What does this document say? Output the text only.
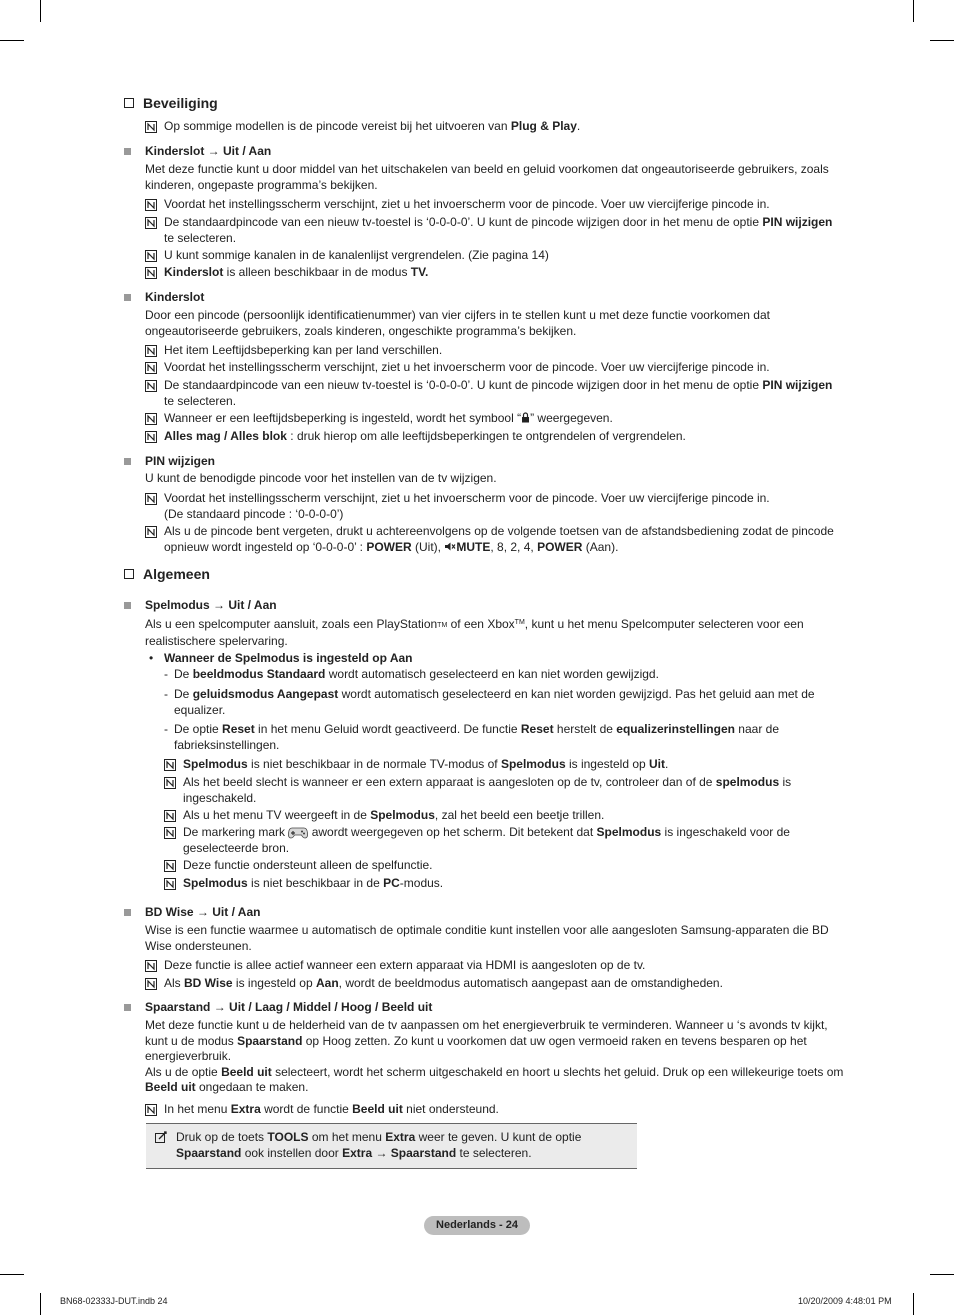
Beveiliging
Op sommige modellen is de pincode vereist bij het uitvoeren van Plug & Play.
Kinderslot → Uit / Aan
Met deze functie kunt u door middel van het uitschakelen van beeld en geluid voorkomen dat ongeautoriseerde gebruikers, zoals kinderen, ongepaste programma’s bekijken.
Voordat het instellingsscherm verschijnt, ziet u het invoerscherm voor de pincode. Voer uw viercijferige pincode in.
De standaardpincode van een nieuw tv-toestel is ‘0-0-0-0’. U kunt de pincode wijzigen door in het menu de optie PIN wijzigen
te selecteren.
U kunt sommige kanalen in de kanalenlijst vergrendelen. (Zie pagina 14)
Kinderslot is alleen beschikbaar in de modus TV.
Kinderslot
Door een pincode (persoonlijk identificatienummer) van vier cijfers in te stellen kunt u met deze functie voorkomen dat ongeautoriseerde gebruikers, zoals kinderen, ongeschikte programma’s bekijken.
Het item Leeftijdsbeperking kan per land verschillen.
Voordat het instellingsscherm verschijnt, ziet u het invoerscherm voor de pincode. Voer uw viercijferige pincode in.
De standaardpincode van een nieuw tv-toestel is ‘0-0-0-0’. U kunt de pincode wijzigen door in het menu de optie PIN wijzigen
te selecteren.
Wanneer er een leeftijdsbeperking is ingesteld, wordt het symbool “ ” weergegeven.
Alles mag / Alles blok : druk hierop om alle leeftijdsbeperkingen te ontgrendelen of vergrendelen.
PIN wijzigen
U kunt de benodigde pincode voor het instellen van de tv wijzigen.
Voordat het instellingsscherm verschijnt, ziet u het invoerscherm voor de pincode. Voer uw viercijferige pincode in.
(De standaard pincode : ‘0-0-0-0’)
Als u de pincode bent vergeten, drukt u achtereenvolgens op de volgende toetsen van de afstandsbediening zodat de pincode
opnieuw wordt ingesteld op ‘0-0-0-0’ : POWER (Uit), MUTE, 8, 2, 4, POWER (Aan).
Algemeen
Spelmodus → Uit / Aan
Als u een spelcomputer aansluit, zoals een PlayStationTM of een Xbox™, kunt u het menu Spelcomputer selecteren voor een
realistischere spelervaring.
• Wanneer de Spelmodus is ingesteld op Aan
- De beeldmodus Standaard wordt automatisch geselecteerd en kan niet worden gewijzigd.
- De geluidsmodus Aangepast wordt automatisch geselecteerd en kan niet worden gewijzigd. Pas het geluid aan met de
equalizer.
- De optie Reset in het menu Geluid wordt geactiveerd. De functie Reset herstelt de equalizerinstellingen naar de
fabrieksinstellingen.
Spelmodus is niet beschikbaar in de normale TV-modus of Spelmodus is ingesteld op Uit.
Als het beeld slecht is wanneer er een extern apparaat is aangesloten op de tv, controleer dan of de spelmodus is
ingeschakeld.
Als u het menu TV weergeeft in de Spelmodus, zal het beeld een beetje trillen.
De markering mark  awordt weergegeven op het scherm. Dit betekent dat Spelmodus is ingeschakeld voor de
geselecteerde bron.
Deze functie ondersteunt alleen de spelfunctie.
Spelmodus is niet beschikbaar in de PC-modus.
BD Wise → Uit / Aan
Wise is een functie waarmee u automatisch de optimale conditie kunt instellen voor alle aangesloten Samsung-apparaten die BD
Wise ondersteunen.
Deze functie is allee actief wanneer een extern apparaat via HDMI is aangesloten op de tv.
Als BD Wise is ingesteld op Aan, wordt de beeldmodus automatisch aangepast aan de omstandigheden.
Spaarstand → Uit / Laag / Middel / Hoog / Beeld uit
Met deze functie kunt u de helderheid van de tv aanpassen om het energieverbruik te verminderen. Wanneer u ‘s avonds tv kijkt,
kunt u de modus Spaarstand op Hoog zetten. Zo kunt u voorkomen dat uw ogen vermoeid raken en tevens besparen op het
energieverbruik.
Als u de optie Beeld uit selecteert, wordt het scherm uitgeschakeld en hoort u slechts het geluid. Druk op een willekeurige toets om
Beeld uit ongedaan te maken.
In het menu Extra wordt de functie Beeld uit niet ondersteund.
Druk op de toets TOOLS om het menu Extra weer te geven. U kunt de optie
Spaarstand ook instellen door Extra → Spaarstand te selecteren.
Nederlands - 24
BN68-02333J-DUT.indb 24	10/20/2009 4:48:01 PM
